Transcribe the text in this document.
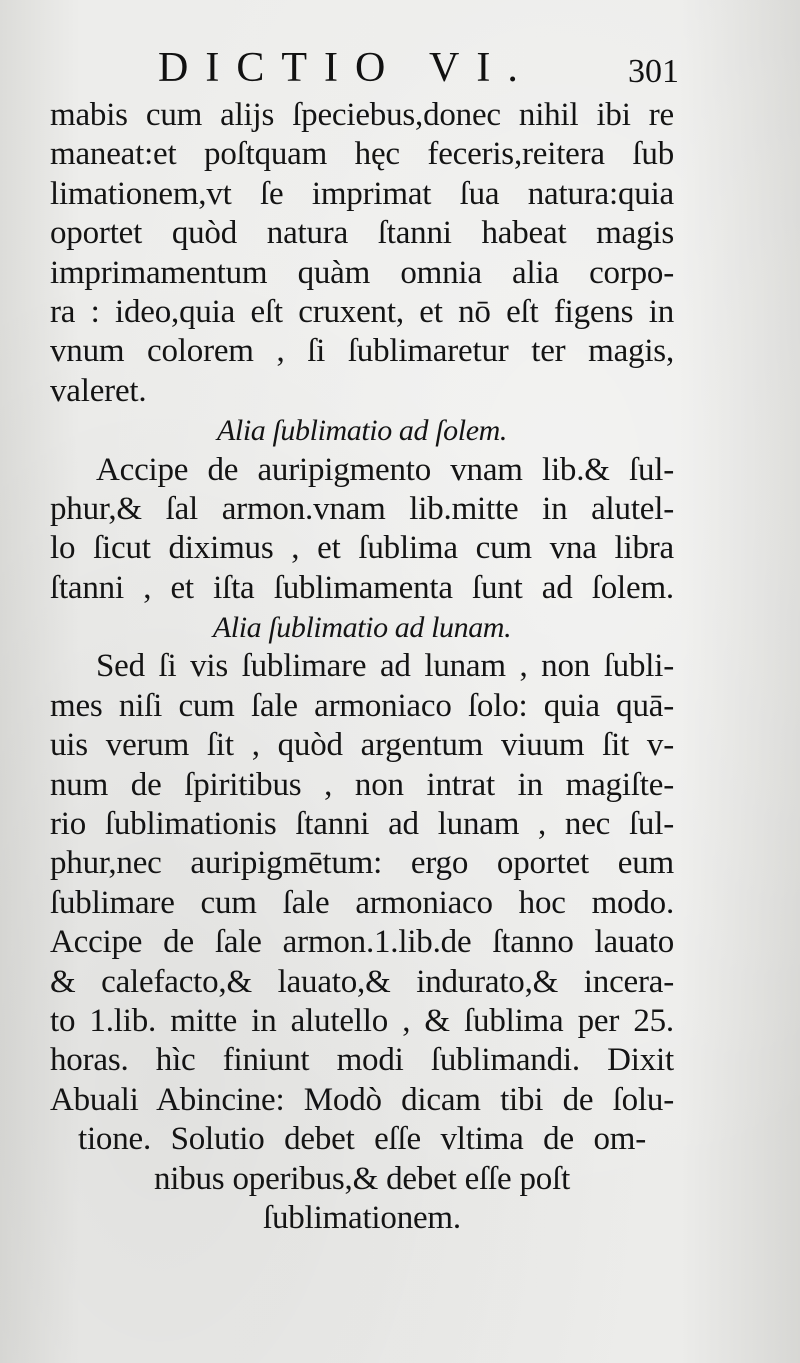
DICTIO VI.	301
mabis cum alijs ſpeciebus,donec nihil ibi re
maneat:et poſtquam hęc feceris,reitera ſub
limationem,vt ſe imprimat ſua natura:quia
oportet quòd natura ſtanni habeat magis
imprimamentum quàm omnia alia corpo-
ra : ideo,quia eſt cruxent, et nō eſt figens in
vnum colorem , ſi ſublimaretur ter magis,
valeret.
Alia ſublimatio ad ſolem.
Accipe de auripigmento vnam lib.& ſul-
phur,& ſal armon.vnam lib.mitte in alutel-
lo ſicut diximus , et ſublima cum vna libra
ſtanni , et iſta ſublimamenta ſunt ad ſolem.
Alia ſublimatio ad lunam.
Sed ſi vis ſublimare ad lunam , non ſubli-
mes niſi cum ſale armoniaco ſolo: quia quā-
uis verum ſit , quòd argentum viuum ſit v-
num de ſpiritibus , non intrat in magiſte-
rio ſublimationis ſtanni ad lunam , nec ſul-
phur,nec auripigmētum: ergo oportet eum
ſublimare cum ſale armoniaco hoc modo.
Accipe de ſale armon.1.lib.de ſtanno lauato
& calefacto,& lauato,& indurato,& incera-
to 1.lib. mitte in alutello , & ſublima per 25.
horas. hìc finiunt modi ſublimandi. Dixit
Abuali Abincine: Modò dicam tibi de ſolu-
tione. Solutio debet eſſe vltima de om-
nibus operibus,& debet eſſe poſt
ſublimationem.
